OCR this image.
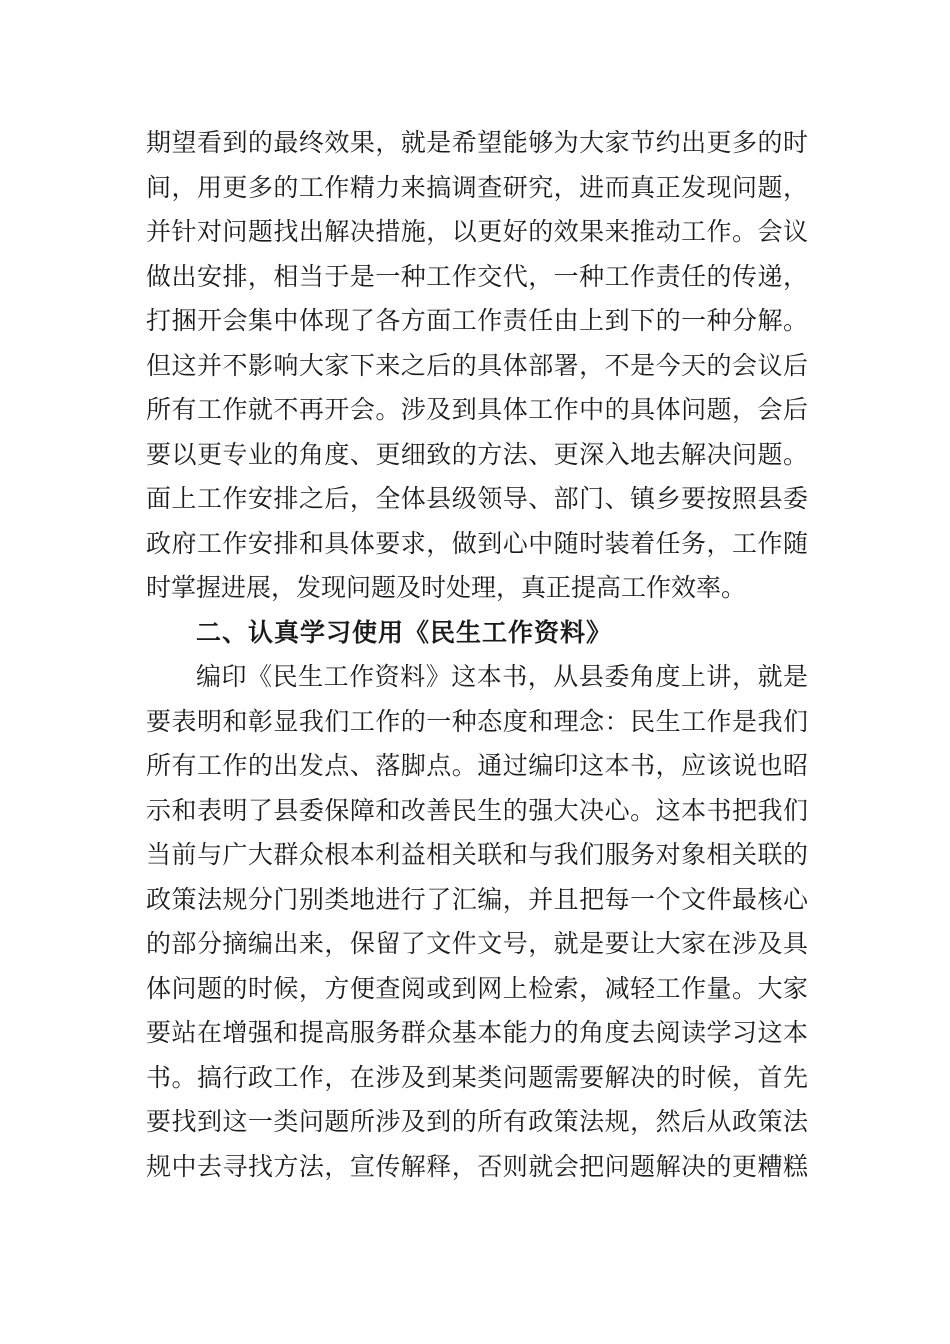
期望看到的最终效果，就是希望能够为大家节约出更多的时
间，用更多的工作精力来搞调查研究，进而真正发现问题，
并针对问题找出解决措施，以更好的效果来推动工作。会议
做出安排，相当于是一种工作交代，一种工作责任的传递，
打捆开会集中体现了各方面工作责任由上到下的一种分解。
但这并不影响大家下来之后的具体部署，不是今天的会议后
所有工作就不再开会。涉及到具体工作中的具体问题，会后
要以更专业的角度、更细致的方法、更深入地去解决问题。
面上工作安排之后，全体县级领导、部门、镇乡要按照县委
政府工作安排和具体要求，做到心中随时装着任务，工作随
时掌握进展，发现问题及时处理，真正提高工作效率。
二、认真学习使用《民生工作资料》
编印《民生工作资料》这本书，从县委角度上讲，就是
要表明和彰显我们工作的一种态度和理念：民生工作是我们
所有工作的出发点、落脚点。通过编印这本书，应该说也昭
示和表明了县委保障和改善民生的强大决心。这本书把我们
当前与广大群众根本利益相关联和与我们服务对象相关联的
政策法规分门别类地进行了汇编，并且把每一个文件最核心
的部分摘编出来，保留了文件文号，就是要让大家在涉及具
体问题的时候，方便查阅或到网上检索，减轻工作量。大家
要站在增强和提高服务群众基本能力的角度去阅读学习这本
书。搞行政工作，在涉及到某类问题需要解决的时候，首先
要找到这一类问题所涉及到的所有政策法规，然后从政策法
规中去寻找方法，宣传解释，否则就会把问题解决的更糟糕
